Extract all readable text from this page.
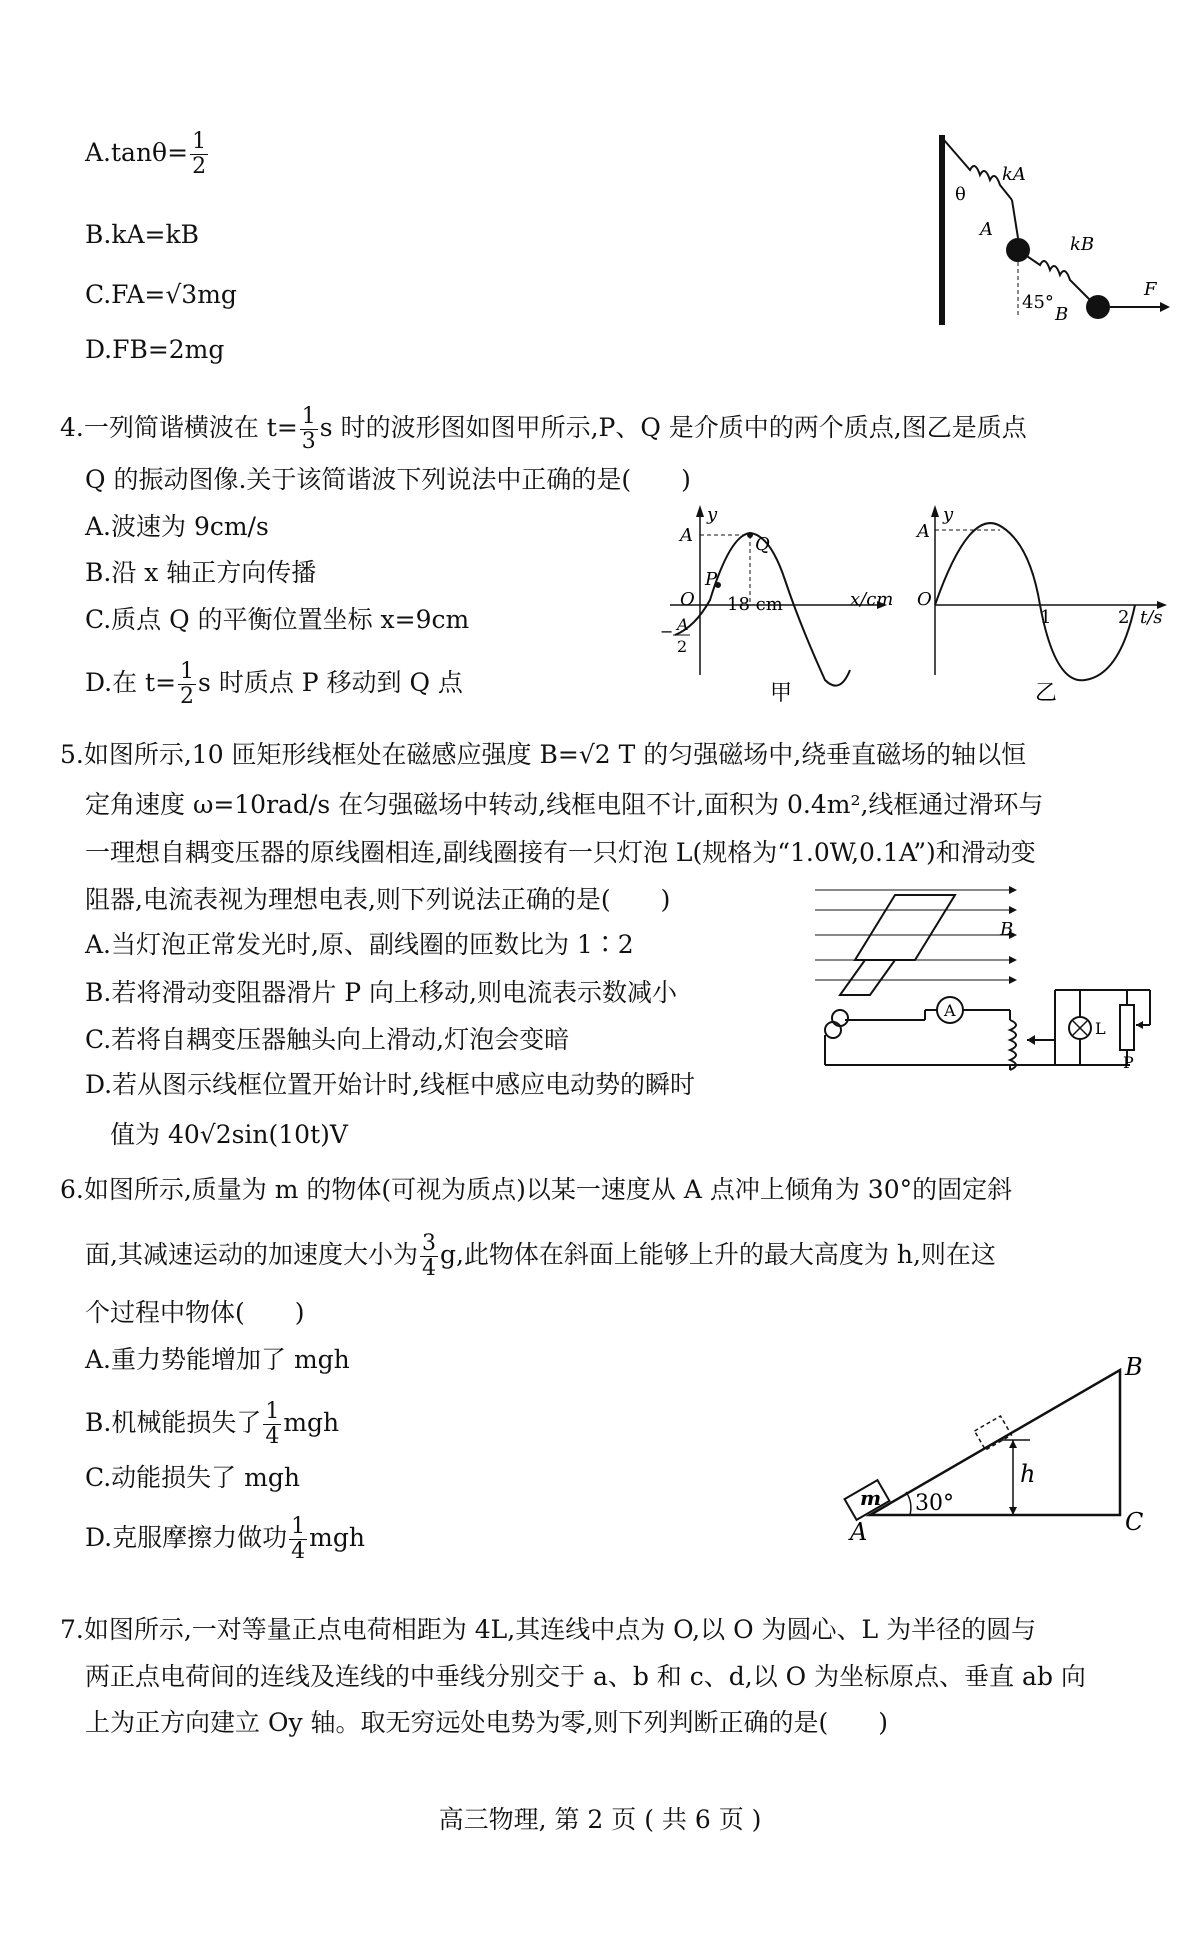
$A.\tan\theta= \frac{1}{2}$
B.kA=kB
C.FA=√3mg
D.FB=2mg
θ
kA
A
kB
45°
B
F
4.一列简谐横波在 $t= \frac{1}{3}$ s 时的波形图如图甲所示,P、Q 是介质中的两个质点,图乙是质点
Q 的振动图像.关于该简谐波下列说法中正确的是(　　)
A.波速为 9cm/s
B.沿 x 轴正方向传播
C.质点 Q 的平衡位置坐标 x=9cm
D.在 $t= \frac{1}{2}$ s 时质点 P 移动到 Q 点
y
A	Q
P
O 18 cm	x/cm
A
2
−
甲
y
A
O
1	2 t/s
乙
5.如图所示,10 匝矩形线框处在磁感应强度 B=√2 T 的匀强磁场中,绕垂直磁场的轴以恒
定角速度 ω=10rad/s 在匀强磁场中转动,线框电阻不计,面积为 0.4m²,线框通过滑环与
一理想自耦变压器的原线圈相连,副线圈接有一只灯泡 L(规格为“1.0W,0.1A”)和滑动变
阻器,电流表视为理想电表,则下列说法正确的是(　　)
A.当灯泡正常发光时,原、副线圈的匝数比为 1∶2
B.若将滑动变阻器滑片 P 向上移动,则电流表示数减小
C.若将自耦变压器触头向上滑动,灯泡会变暗
D.若从图示线框位置开始计时,线框中感应电动势的瞬时
值为 40√2sin(10t)V
A
L
P
B
6.如图所示,质量为 m 的物体(可视为质点)以某一速度从 A 点冲上倾角为 30°的固定斜
面,其减速运动的加速度大小为 $\frac{3}{4} g$,此物体在斜面上能够上升的最大高度为 h,则在这
个过程中物体(　　)
A.重力势能增加了 mgh
B.机械能损失了 $\frac{1}{4}$ mgh
C.动能损失了 mgh
D.克服摩擦力做功 $\frac{1}{4}$ mgh
B
C
A
m
h
30°
7.如图所示,一对等量正点电荷相距为 4L,其连线中点为 O,以 O 为圆心、L 为半径的圆与
两正点电荷间的连线及连线的中垂线分别交于 a、b 和 c、d,以 O 为坐标原点、垂直 ab 向
上为正方向建立 Oy 轴。取无穷远处电势为零,则下列判断正确的是(　　)
高三物理, 第 2 页 ( 共 6 页 )
